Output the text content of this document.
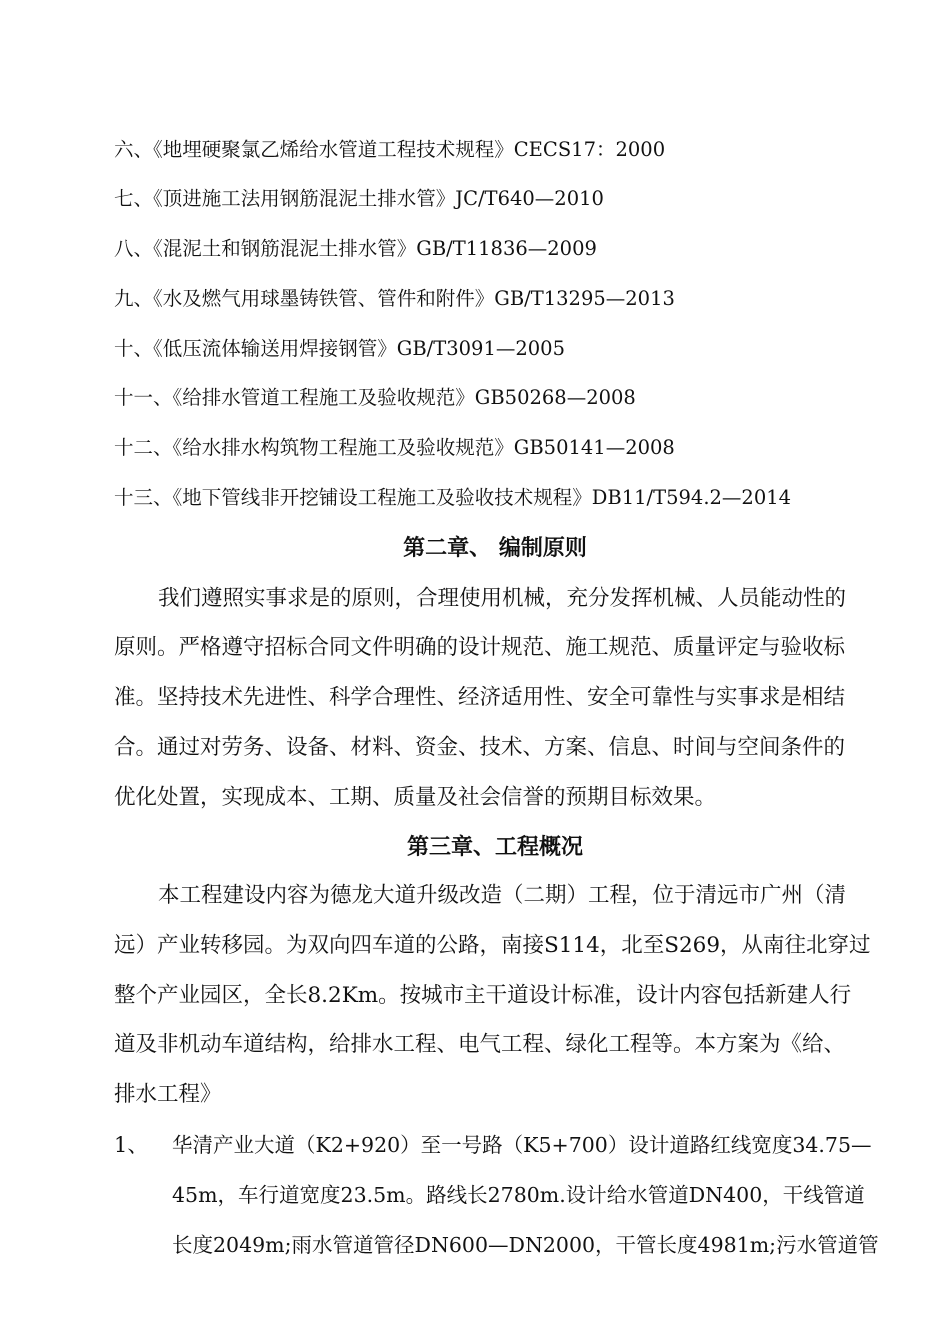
六、《地埋硬聚氯乙烯给水管道工程技术规程》CECS17：2000
七、《顶进施工法用钢筋混泥土排水管》JC/T640—2010
八、《混泥土和钢筋混泥土排水管》GB/T11836—2009
九、《水及燃气用球墨铸铁管、管件和附件》GB/T13295—2013
十、《低压流体输送用焊接钢管》GB/T3091—2005
十一、《给排水管道工程施工及验收规范》GB50268—2008
十二、《给水排水构筑物工程施工及验收规范》GB50141—2008
十三、《地下管线非开挖铺设工程施工及验收技术规程》DB11/T594.2—2014
第二章、 编制原则
我们遵照实事求是的原则，合理使用机械，充分发挥机械、人员能动性的
原则。严格遵守招标合同文件明确的设计规范、施工规范、质量评定与验收标
准。坚持技术先进性、科学合理性、经济适用性、安全可靠性与实事求是相结
合。通过对劳务、设备、材料、资金、技术、方案、信息、时间与空间条件的
优化处置，实现成本、工期、质量及社会信誉的预期目标效果。
第三章、工程概况
本工程建设内容为德龙大道升级改造（二期）工程，位于清远市广州（清
远）产业转移园。为双向四车道的公路，南接S114，北至S269，从南往北穿过
整个产业园区，全长8.2Km。按城市主干道设计标准，设计内容包括新建人行
道及非机动车道结构，给排水工程、电气工程、绿化工程等。本方案为《给、
排水工程》
1、 华清产业大道（K2+920）至一号路（K5+700）设计道路红线宽度34.75—
45m，车行道宽度23.5m。路线长2780m.设计给水管道DN400，干线管道
长度2049m;雨水管道管径DN600—DN2000，干管长度4981m;污水管道管
